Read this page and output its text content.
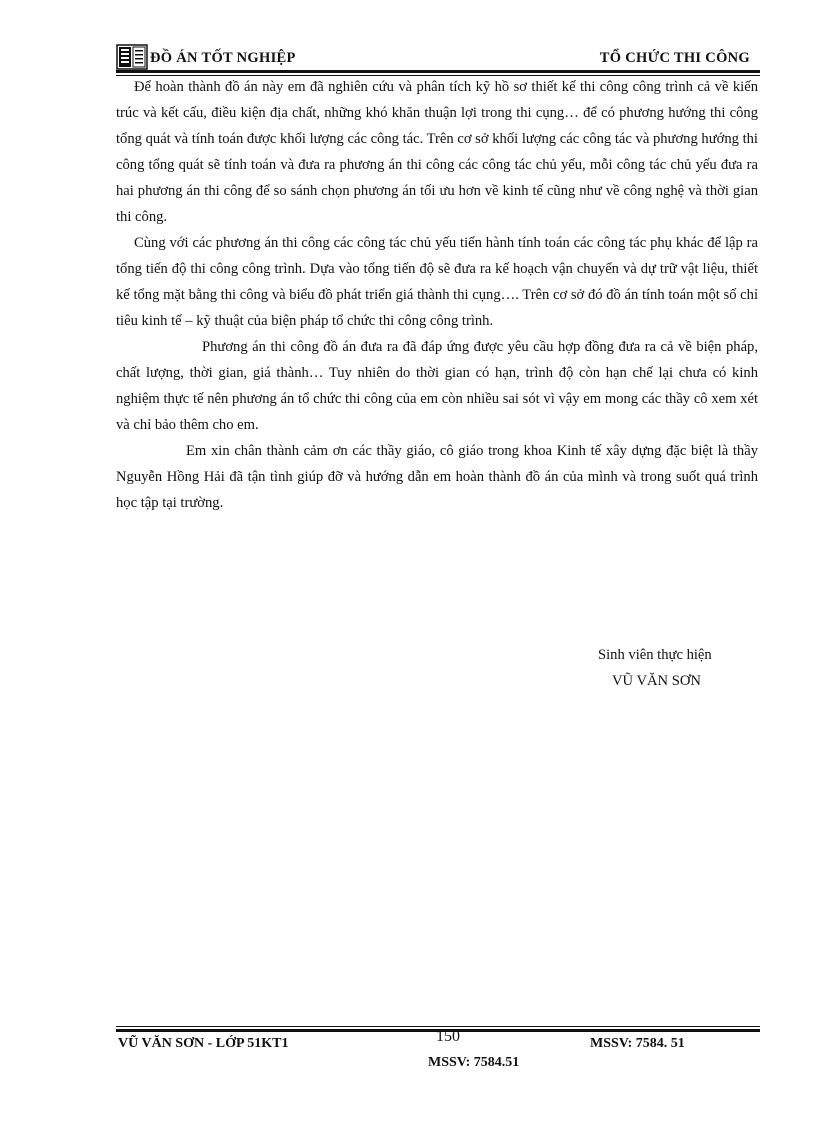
ĐỒ ÁN TỐT NGHIỆP	TỔ CHỨC THI CÔNG

Để hoàn thành đồ án này em đã nghiên cứu và phân tích kỹ hồ sơ thiết kế thi công công trình cả về kiến trúc và kết cấu, điều kiện địa chất, những khó khăn thuận lợi trong thi cụng… để có phương hướng thi công tổng quát và tính toán được khối lượng các công tác. Trên cơ sở khối lượng các công tác và phương hướng thi công tổng quát sẽ tính toán và đưa ra phương án thi công các công tác chủ yếu, mỗi công tác chủ yếu đưa ra hai phương án thi công để so sánh chọn phương án tối ưu hơn về kinh tế cũng như về công nghệ và thời gian thi công.

Cùng với các phương án thi công các công tác chủ yếu tiến hành tính toán các công tác phụ khác để lập ra tổng tiến độ thi công công trình. Dựa vào tổng tiến độ sẽ đưa ra kế hoạch vận chuyển và dự trữ vật liệu, thiết kế tổng mặt bằng thi công và biểu đồ phát triển giá thành thi cụng…. Trên cơ sở đó đồ án tính toán một số chỉ tiêu kinh tế – kỹ thuật của biện pháp tổ chức thi công công trình.

Phương án thi công đồ án đưa ra đã đáp ứng được yêu cầu hợp đồng đưa ra cả về biện pháp, chất lượng, thời gian, giá thành… Tuy nhiên do thời gian có hạn, trình độ còn hạn chế lại chưa có kinh nghiệm thực tế nên phương án tổ chức thi công của em còn nhiều sai sót vì vậy em mong các thầy cô xem xét và chỉ bảo thêm cho em.

Em xin chân thành cảm ơn các thầy giáo, cô giáo trong khoa Kinh tế xây dựng đặc biệt là thầy Nguyễn Hồng Hải đã tận tình giúp đỡ và hướng dẫn em hoàn thành đồ án của mình và trong suốt quá trình học tập tại trường.

Sinh viên thực hiện
VŨ VĂN SƠN
VŨ VĂN SƠN - LỚP 51KT1	150	MSSV: 7584. 51
MSSV: 7584.51
